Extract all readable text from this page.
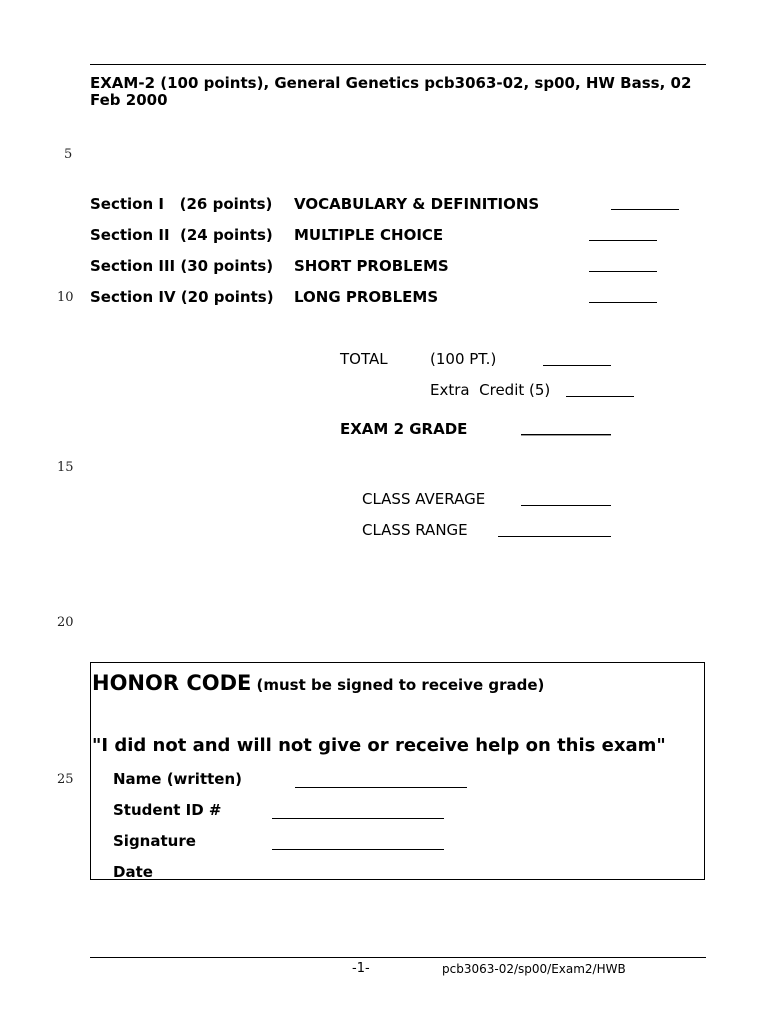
EXAM-2 (100 points), General Genetics pcb3063-02, sp00, HW Bass, 02 Feb 2000
5
10
15
20
25
Section I   (26 points) VOCABULARY & DEFINITIONS
Section II  (24 points) MULTIPLE CHOICE
Section III (30 points) SHORT PROBLEMS
Section IV (20 points) LONG PROBLEMS
TOTAL	(100 PT.)
Extra  Credit (5)
EXAM 2 GRADE
CLASS AVERAGE
CLASS RANGE
HONOR CODE (must be signed to receive grade)
"I did not and will not give or receive help on this exam"
Name (written)
Student ID #
Signature
Date
-1-	pcb3063-02/sp00/Exam2/HWB
